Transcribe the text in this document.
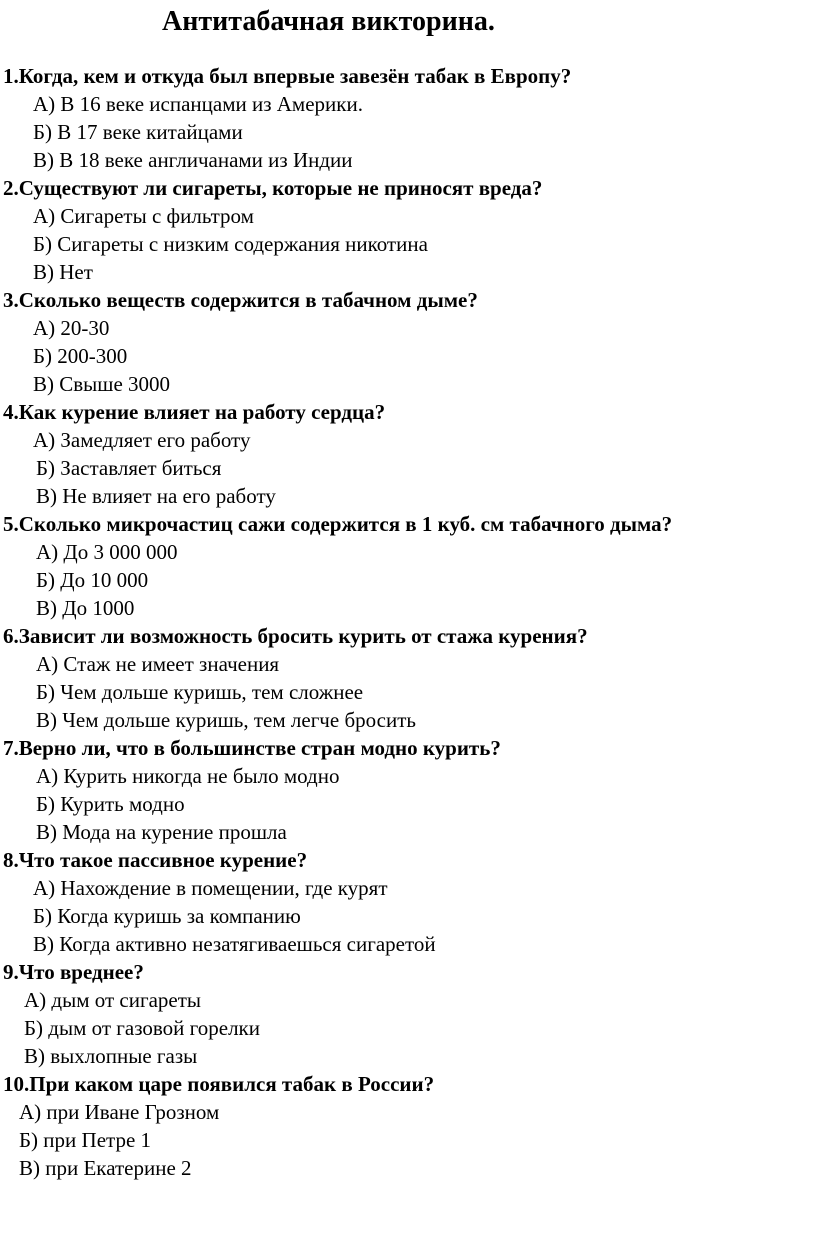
Антитабачная викторина.
1.Когда, кем и откуда был впервые завезён табак в Европу?
А) В 16 веке испанцами из Америки.
Б) В 17 веке китайцами
В) В 18 веке англичанами из Индии
2.Существуют ли сигареты, которые не приносят вреда?
А) Сигареты с фильтром
Б) Сигареты с низким содержания никотина
В) Нет
3.Сколько веществ содержится в табачном дыме?
А) 20-30
Б) 200-300
В) Свыше 3000
4.Как курение влияет на работу сердца?
А) Замедляет его работу
Б) Заставляет биться
В) Не влияет на его работу
5.Сколько микрочастиц сажи содержится в 1 куб. см табачного дыма?
А) До 3 000 000
Б) До 10 000
В) До 1000
6.Зависит ли возможность бросить курить от стажа курения?
А) Стаж не имеет значения
Б) Чем дольше куришь, тем сложнее
В) Чем дольше куришь, тем легче бросить
7.Верно ли, что в большинстве стран модно курить?
А) Курить никогда не было модно
Б) Курить модно
В) Мода на курение прошла
8.Что такое пассивное курение?
А) Нахождение в помещении, где курят
Б) Когда куришь за компанию
В) Когда активно незатягиваешься сигаретой
9.Что вреднее?
А) дым от сигареты
Б) дым от газовой горелки
В) выхлопные газы
10.При каком царе появился табак в России?
А) при Иване Грозном
Б) при Петре 1
В) при Екатерине 2
